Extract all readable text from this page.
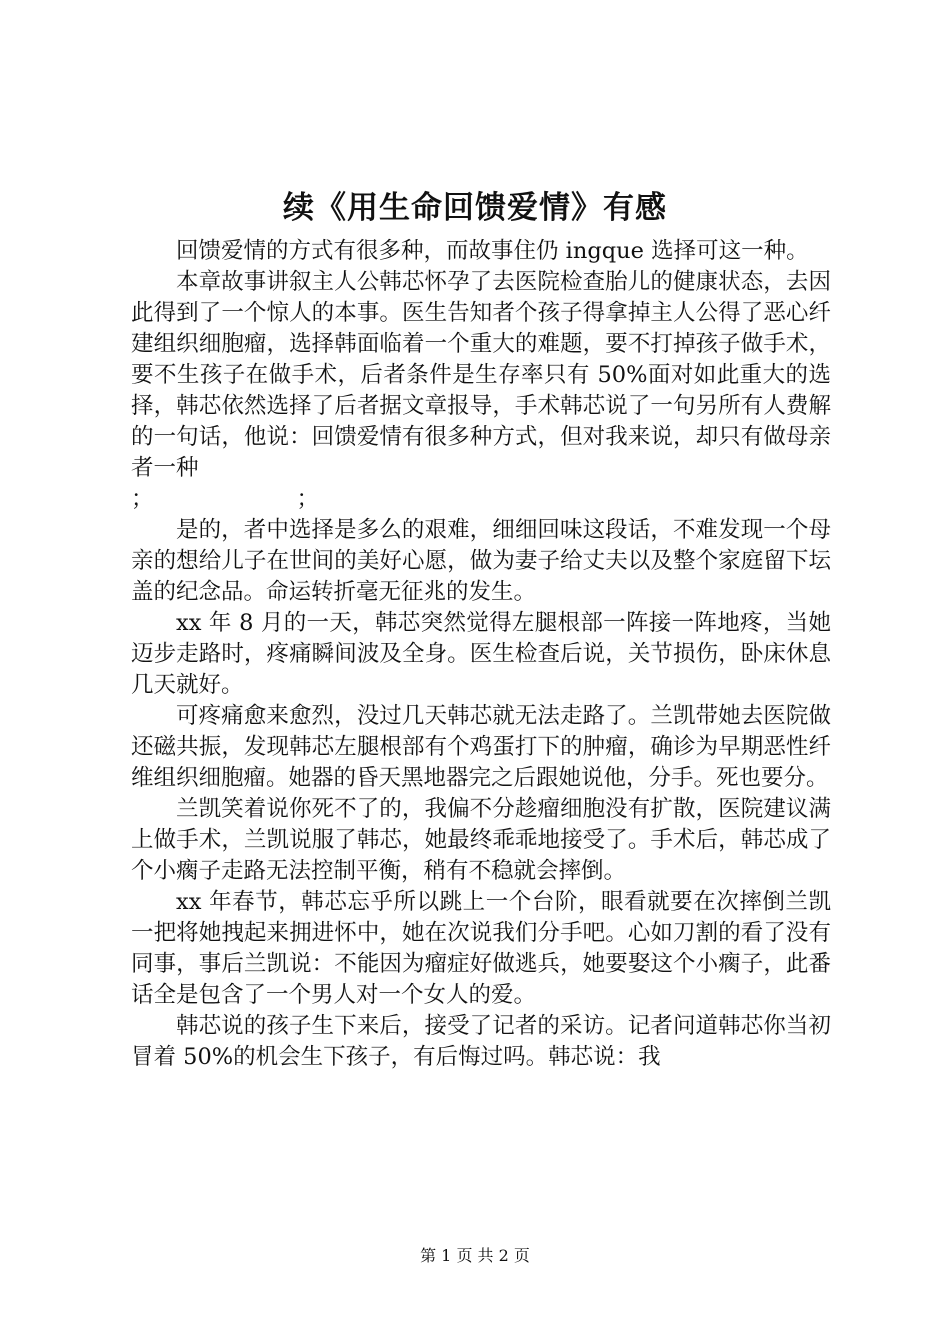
续《用生命回馈爱情》有感

回馈爱情的方式有很多种，而故事住仍 ingque 选择可这一种。

本章故事讲叙主人公韩芯怀孕了去医院检查胎儿的健康状态，去因此得到了一个惊人的本事。医生告知者个孩子得拿掉主人公得了恶心纤建组织细胞瘤，选择韩面临着一个重大的难题，要不打掉孩子做手术，要不生孩子在做手术，后者条件是生存率只有 50%面对如此重大的选择，韩芯依然选择了后者据文章报导，手术韩芯说了一句另所有人费解的一句话，他说：回馈爱情有很多种方式，但对我来说，却只有做母亲者一种

；                    ；

是的，者中选择是多么的艰难，细细回味这段话，不难发现一个母亲的想给儿子在世间的美好心愿，做为妻子给丈夫以及整个家庭留下坛盖的纪念品。命运转折毫无征兆的发生。

xx 年 8 月的一天，韩芯突然觉得左腿根部一阵接一阵地疼，当她迈步走路时，疼痛瞬间波及全身。医生检查后说，关节损伤，卧床休息几天就好。

可疼痛愈来愈烈，没过几天韩芯就无法走路了。兰凯带她去医院做还磁共振，发现韩芯左腿根部有个鸡蛋打下的肿瘤，确诊为早期恶性纤维组织细胞瘤。她器的昏天黑地器完之后跟她说他，分手。死也要分。

兰凯笑着说你死不了的，我偏不分趁瘤细胞没有扩散，医院建议满上做手术，兰凯说服了韩芯，她最终乖乖地接受了。手术后，韩芯成了个小瘸子走路无法控制平衡，稍有不稳就会摔倒。

xx 年春节，韩芯忘乎所以跳上一个台阶，眼看就要在次摔倒兰凯一把将她拽起来拥进怀中，她在次说我们分手吧。心如刀割的看了没有同事，事后兰凯说：不能因为瘤症好做逃兵，她要娶这个小瘸子，此番话全是包含了一个男人对一个女人的爱。

韩芯说的孩子生下来后，接受了记者的采访。记者问道韩芯你当初冒着 50%的机会生下孩子，有后悔过吗。韩芯说：我

第 1 页 共 2 页
